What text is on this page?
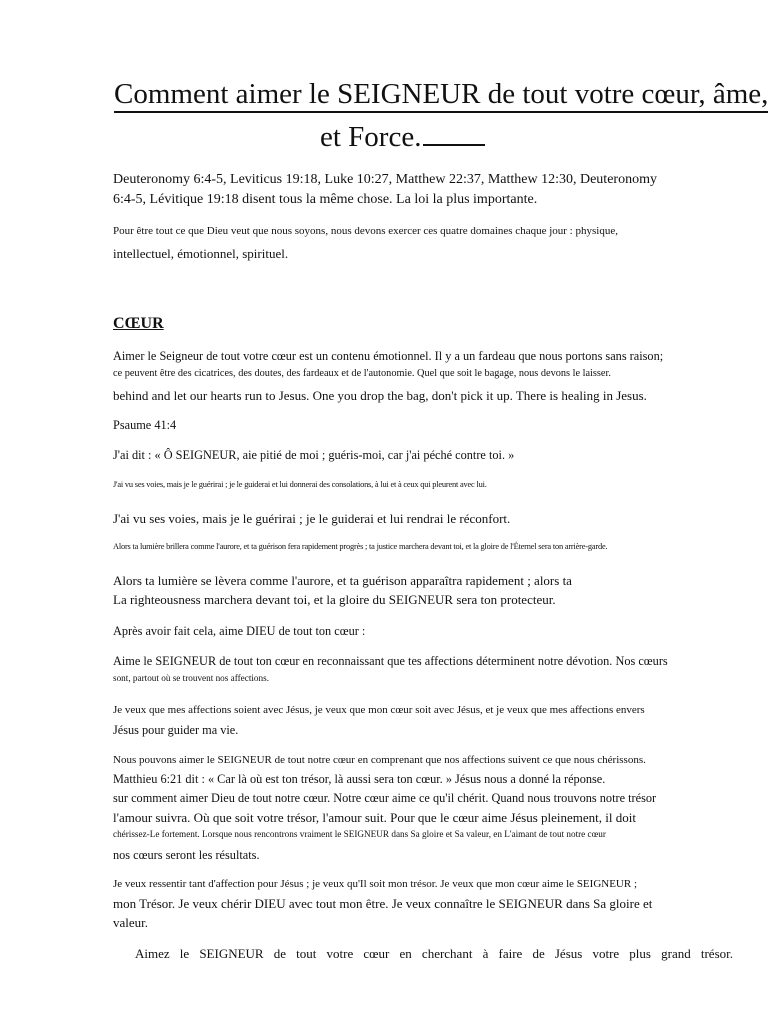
Comment aimer le SEIGNEUR de tout votre cœur, âme,
et Force.

Deuteronomy 6:4-5, Leviticus 19:18, Luke 10:27, Matthew 22:37, Matthew 12:30, Deuteronomy

6:4-5, Lévitique 19:18 disent tous la même chose. La loi la plus importante.

Pour être tout ce que Dieu veut que nous soyons, nous devons exercer ces quatre domaines chaque jour : physique,

intellectuel, émotionnel, spirituel.

CŒUR

Aimer le Seigneur de tout votre cœur est un contenu émotionnel. Il y a un fardeau que nous portons sans raison;

ce peuvent être des cicatrices, des doutes, des fardeaux et de l'autonomie. Quel que soit le bagage, nous devons le laisser.

behind and let our hearts run to Jesus. One you drop the bag, don't pick it up. There is healing in Jesus.

Psaume 41:4

J'ai dit : « Ô SEIGNEUR, aie pitié de moi ; guéris-moi, car j'ai péché contre toi. »

J'ai vu ses voies, mais je le guérirai ; je le guiderai et lui donnerai des consolations, à lui et à ceux qui pleurent avec lui.

J'ai vu ses voies, mais je le guérirai ; je le guiderai et lui rendrai le réconfort.

Alors ta lumière brillera comme l'aurore, et ta guérison fera rapidement progrès ; ta justice marchera devant toi, et la gloire de l'Éternel sera ton arrière-garde.

Alors ta lumière se lèvera comme l'aurore, et ta guérison apparaîtra rapidement ; alors ta

La righteousness marchera devant toi, et la gloire du SEIGNEUR sera ton protecteur.

Après avoir fait cela, aime DIEU de tout ton cœur :

Aime le SEIGNEUR de tout ton cœur en reconnaissant que tes affections déterminent notre dévotion. Nos cœurs

sont, partout où se trouvent nos affections.

Je veux que mes affections soient avec Jésus, je veux que mon cœur soit avec Jésus, et je veux que mes affections envers

Jésus pour guider ma vie.

Nous pouvons aimer le SEIGNEUR de tout notre cœur en comprenant que nos affections suivent ce que nous chérissons.

Matthieu 6:21 dit : « Car là où est ton trésor, là aussi sera ton cœur. » Jésus nous a donné la réponse.

sur comment aimer Dieu de tout notre cœur. Notre cœur aime ce qu'il chérit. Quand nous trouvons notre trésor

l'amour suivra. Où que soit votre trésor, l'amour suit. Pour que le cœur aime Jésus pleinement, il doit

chérissez-Le fortement. Lorsque nous rencontrons vraiment le SEIGNEUR dans Sa gloire et Sa valeur, en L'aimant de tout notre cœur

nos cœurs seront les résultats.

Je veux ressentir tant d'affection pour Jésus ; je veux qu'Il soit mon trésor. Je veux que mon cœur aime le SEIGNEUR ;

mon Trésor. Je veux chérir DIEU avec tout mon être. Je veux connaître le SEIGNEUR dans Sa gloire et

valeur.

Aimez le SEIGNEUR de tout votre cœur en cherchant à faire de Jésus votre plus grand trésor.
